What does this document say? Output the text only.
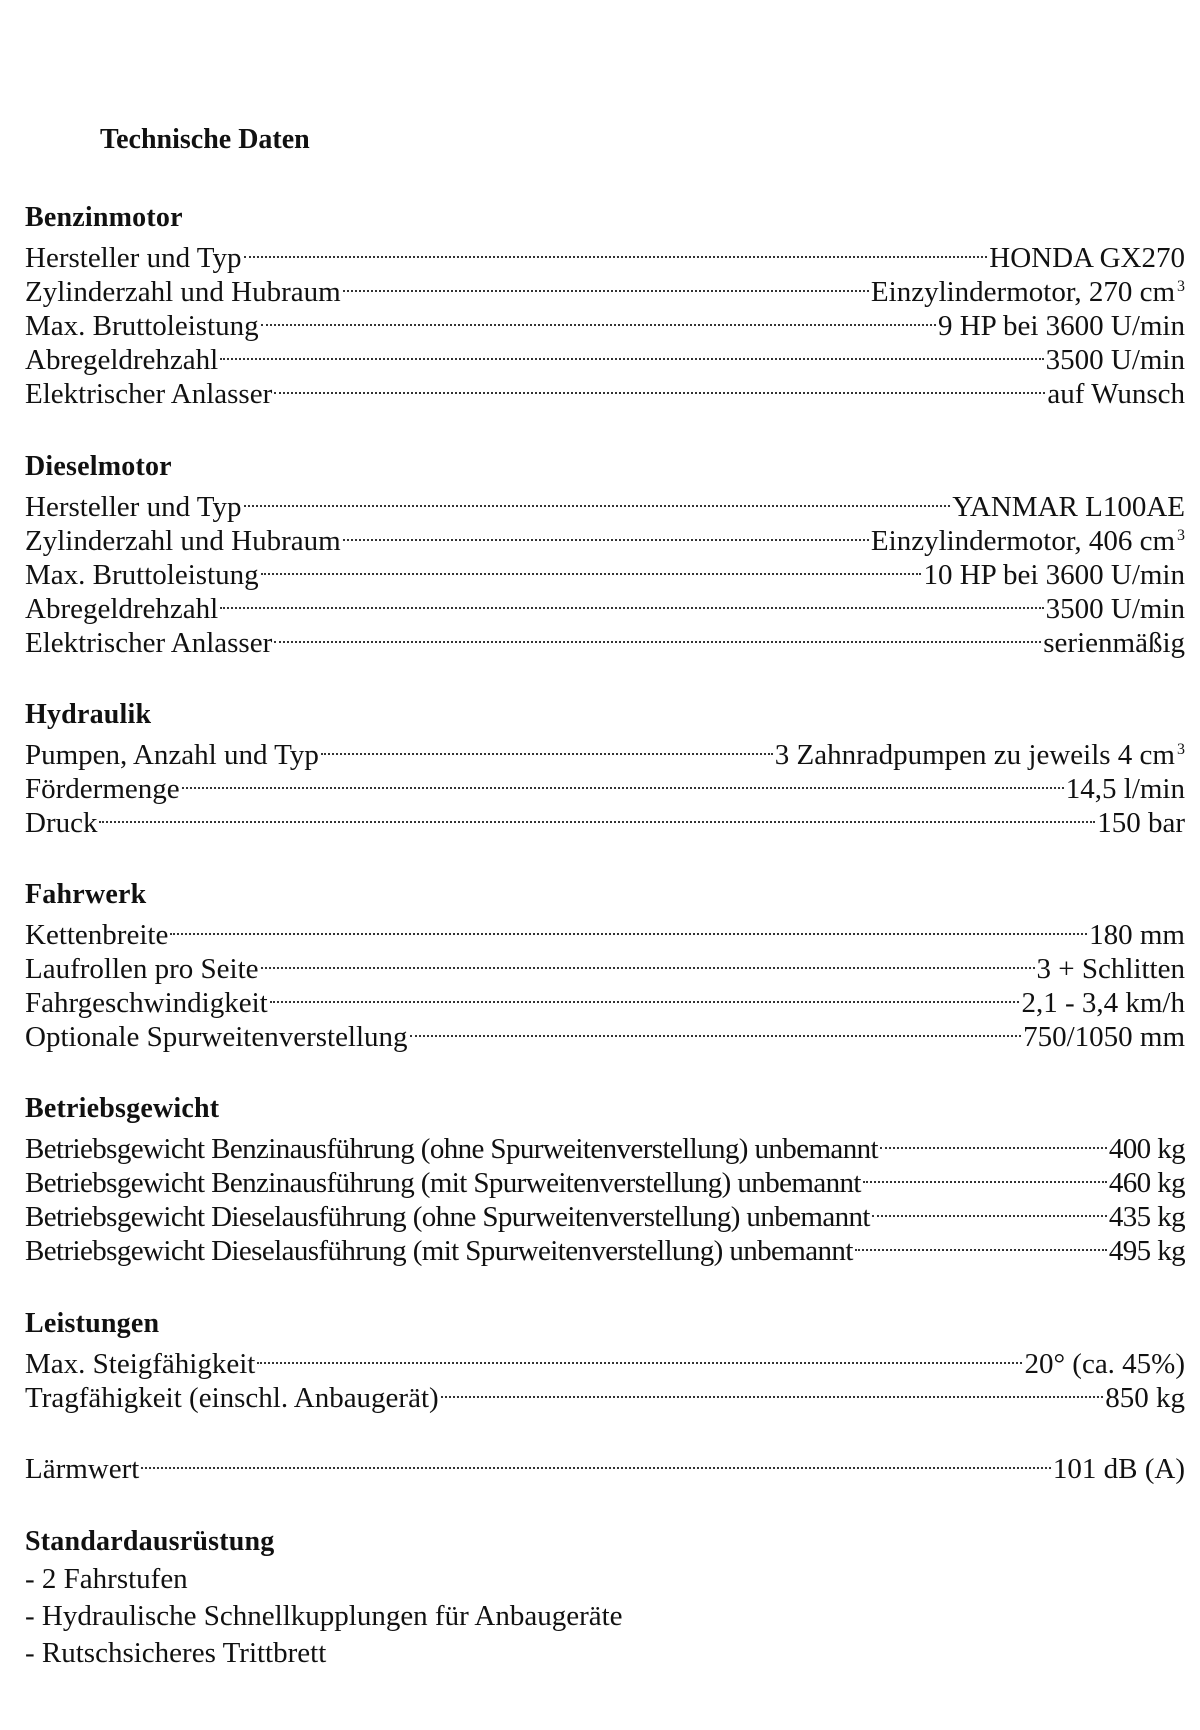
Technische Daten
Benzinmotor
Hersteller und Typ	HONDA GX270
Zylinderzahl und Hubraum	Einzylindermotor, 270 cm $^3$
Max. Bruttoleistung	9 HP bei 3600 U/min
Abregeldrehzahl	3500 U/min
Elektrischer Anlasser	auf Wunsch
Dieselmotor
Hersteller und Typ	YANMAR L100AE
Zylinderzahl und Hubraum	Einzylindermotor, 406 cm $^3$
Max. Bruttoleistung	10 HP bei 3600 U/min
Abregeldrehzahl	3500 U/min
Elektrischer Anlasser	serienmäßig
Hydraulik
Pumpen, Anzahl und Typ	3 Zahnradpumpen zu jeweils 4 cm $^3$
Fördermenge	14,5 l/min
Druck	150 bar
Fahrwerk
Kettenbreite	180 mm
Laufrollen pro Seite	3 + Schlitten
Fahrgeschwindigkeit	2,1 - 3,4 km/h
Optionale Spurweitenverstellung	750/1050 mm
Betriebsgewicht
Betriebsgewicht Benzinausführung (ohne Spurweitenverstellung) unbemannt	400 kg
Betriebsgewicht Benzinausführung (mit Spurweitenverstellung) unbemannt	460 kg
Betriebsgewicht Dieselausführung (ohne Spurweitenverstellung) unbemannt	435 kg
Betriebsgewicht Dieselausführung (mit Spurweitenverstellung) unbemannt	495 kg
Leistungen
Max. Steigfähigkeit	20° (ca. 45%)
Tragfähigkeit (einschl. Anbaugerät)	850 kg
Lärmwert	101 dB (A)
Standardausrüstung
- 2 Fahrstufen
- Hydraulische Schnellkupplungen für Anbaugeräte
- Rutschsicheres Trittbrett
